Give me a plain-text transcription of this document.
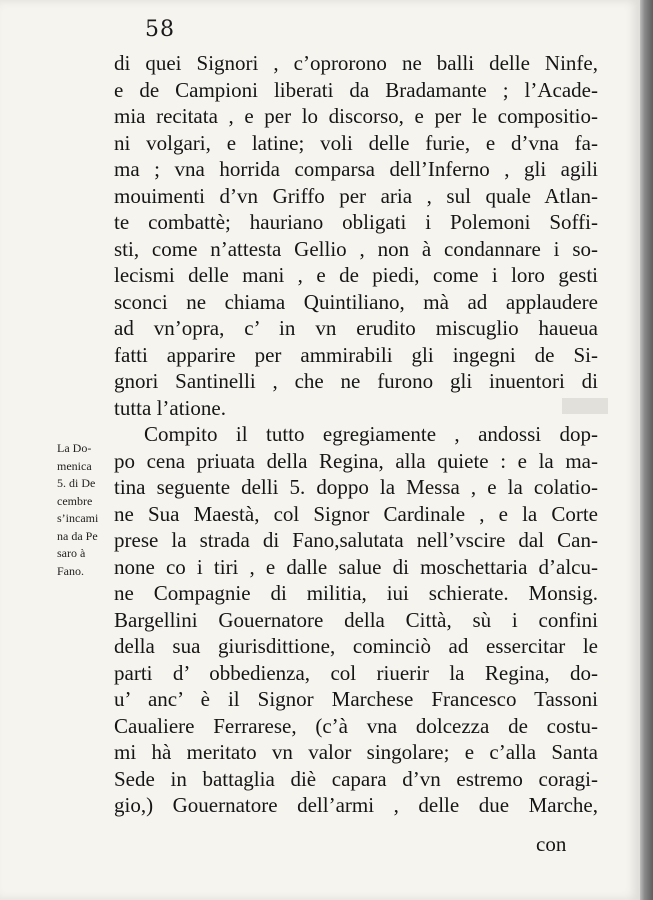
58
di quei Signori , c’oprorono ne balli delle Ninfe,
e de Campioni liberati da Bradamante ; l’Acade-
mia recitata , e per lo discorso, e per le compositio-
ni volgari, e latine; voli delle furie, e d’vna fa-
ma ; vna horrida comparsa dell’Inferno , gli agili
mouimenti d’vn Griffo per aria , sul quale Atlan-
te combattè; hauriano obligati i Polemoni Soffi-
sti, come n’attesta Gellio , non à condannare i so-
lecismi delle mani , e de piedi, come i loro gesti
sconci ne chiama Quintiliano, mà ad applaudere
ad vn’opra, c’ in vn erudito miscuglio haueua
fatti apparire per ammirabili gli ingegni de Si-
gnori Santinelli , che ne furono gli inuentori di
tutta l’atione.
Compito il tutto egregiamente , andossi dop-
po cena priuata della Regina, alla quiete : e la ma-
tina seguente delli 5. doppo la Messa , e la colatio-
ne Sua Maestà, col Signor Cardinale , e la Corte
prese la strada di Fano,salutata nell’vscire dal Can-
none co i tiri , e dalle salue di moschettaria d’alcu-
ne Compagnie di militia, iui schierate. Monsig.
Bargellini Gouernatore della Città, sù i confini
della sua giurisdittione, cominciò ad essercitar le
parti d’ obbedienza, col riuerir la Regina, do-
u’ anc’ è il Signor Marchese Francesco Tassoni
Caualiere Ferrarese, (c’à vna dolcezza de costu-
mi hà meritato vn valor singolare; e c’alla Santa
Sede in battaglia diè capara d’vn estremo coragi-
gio,) Gouernatore dell’armi , delle due Marche,
La Do-
menica
5. di De
cembre
s’incami
na da Pe
saro à
Fano.
con
